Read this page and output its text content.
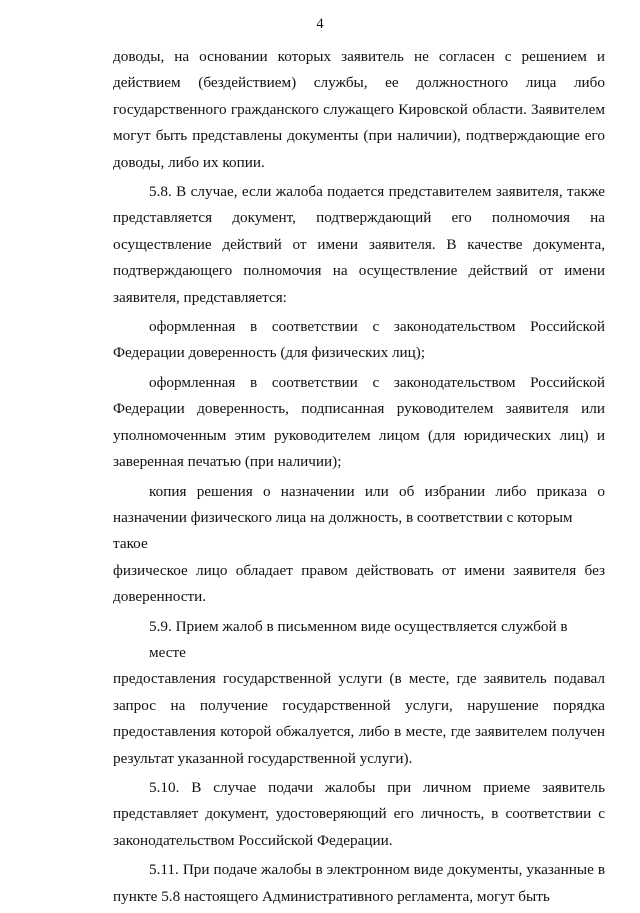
4
доводы, на основании которых заявитель не согласен с решением и
действием (бездействием) службы, ее должностного лица либо
государственного гражданского служащего Кировской области. Заявителем
могут быть представлены документы (при наличии), подтверждающие его
доводы, либо их копии.
5.8. В случае, если жалоба подается представителем заявителя, также
представляется документ, подтверждающий его полномочия на
осуществление действий от имени заявителя. В качестве документа,
подтверждающего полномочия на осуществление действий от имени
заявителя, представляется:
оформленная в соответствии с законодательством Российской
Федерации доверенность (для физических лиц);
оформленная в соответствии с законодательством Российской
Федерации доверенность, подписанная руководителем заявителя или
уполномоченным этим руководителем лицом (для юридических лиц) и
заверенная печатью (при наличии);
копия решения о назначении или об избрании либо приказа о
назначении физического лица на должность, в соответствии с которым такое
физическое лицо обладает правом действовать от имени заявителя без
доверенности.
5.9. Прием жалоб в письменном виде осуществляется службой в месте
предоставления государственной услуги (в месте, где заявитель подавал
запрос на получение государственной услуги, нарушение порядка
предоставления которой обжалуется, либо в месте, где заявителем получен
результат указанной государственной услуги).
5.10. В случае подачи жалобы при личном приеме заявитель
представляет документ, удостоверяющий его личность, в соответствии с
законодательством Российской Федерации.
5.11. При подаче жалобы в электронном виде документы, указанные в
пункте 5.8 настоящего Административного регламента, могут быть
